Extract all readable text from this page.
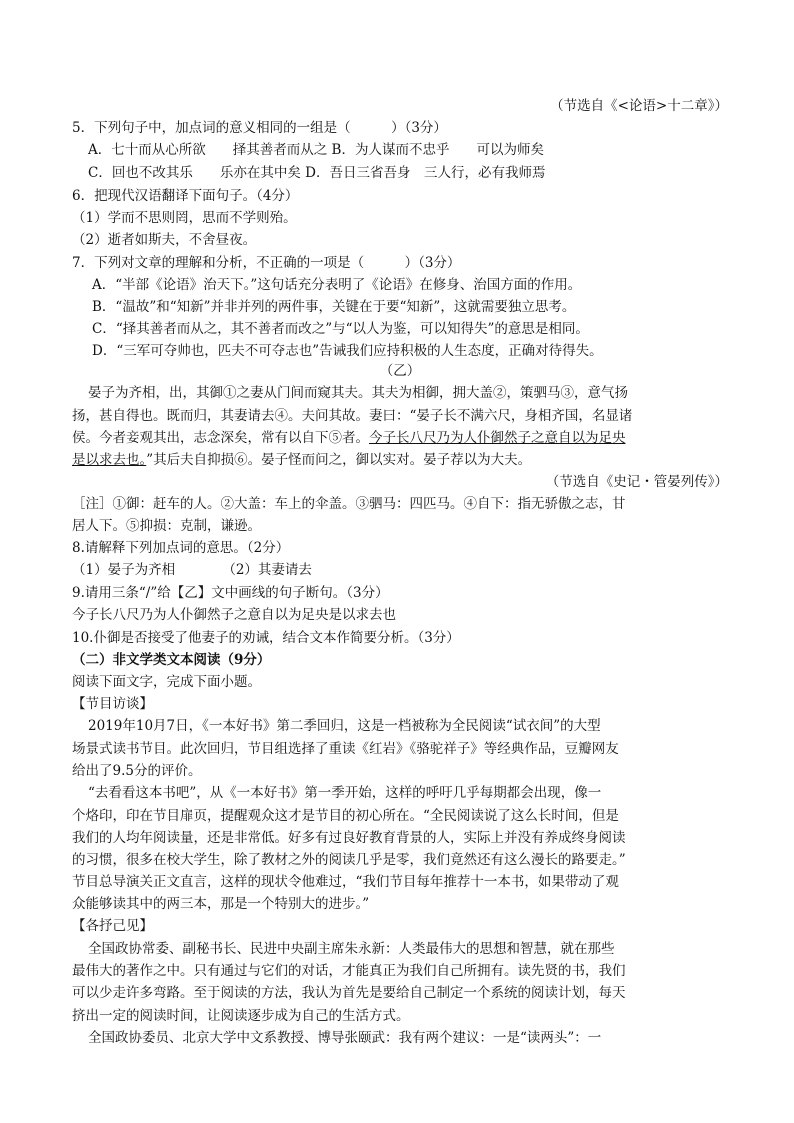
（节选自《<论语>十二章》）
5．下列句子中，加点词的意义相同的一组是（　　　）（3分）
A．七十而从心所欲　　择其善者而从之 B．为人谋而不忠乎　　可以为师矣
C．回也不改其乐　　乐亦在其中矣 D．吾日三省吾身　三人行，必有我师焉
6．把现代汉语翻译下面句子。（4分）
（1）学而不思则罔，思而不学则殆。
（2）逝者如斯夫，不舍昼夜。
7．下列对文章的理解和分析，不正确的一项是（　　　）（3分）
A．“半部《论语》治天下。”这句话充分表明了《论语》在修身、治国方面的作用。
B．“温故”和“知新”并非并列的两件事，关键在于要“知新”，这就需要独立思考。
C．“择其善者而从之，其不善者而改之”与“以人为鉴，可以知得失”的意思是相同。
D．“三军可夺帅也，匹夫不可夺志也”告诫我们应持积极的人生态度，正确对待得失。
（乙）
晏子为齐相，出，其御①之妻从门间而窥其夫。其夫为相御，拥大盖②，策驷马③，意气扬
扬，甚自得也。既而归，其妻请去④。夫问其故。妻曰：“晏子长不满六尺，身相齐国，名显诸
侯。今者妾观其出，志念深矣，常有以自下⑤者。今子长八尺乃为人仆御然子之意自以为足央
是以求去也。”其后夫自抑损⑥。晏子怪而问之，御以实对。晏子荐以为大夫。
（节选自《史记・管晏列传》）
［注］①御：赶车的人。②大盖：车上的伞盖。③驷马：四匹马。④自下：指无骄傲之志，甘
居人下。⑤抑损：克制，谦逊。
8.请解释下列加点词的意思。（2分）
（1）晏子为齐相　　　　（2）其妻请去
9.请用三条“/”给【乙】文中画线的句子断句。（3分）
今子长八尺乃为人仆御然子之意自以为足央是以求去也
10.仆御是否接受了他妻子的劝诫，结合文本作简要分析。（3分）
（二）非文学类文本阅读（9分）
阅读下面文字，完成下面小题。
【节目访谈】
2019年10月7日，《一本好书》第二季回归，这是一档被称为全民阅读“试衣间”的大型
场景式读书节目。此次回归，节目组选择了重读《红岩》《骆驼祥子》等经典作品，豆瓣网友
给出了9.5分的评价。
“去看看这本书吧”，从《一本好书》第一季开始，这样的呼吁几乎每期都会出现，像一
个烙印，印在节目扉页，提醒观众这才是节目的初心所在。“全民阅读说了这么长时间，但是
我们的人均年阅读量，还是非常低。好多有过良好教育背景的人，实际上并没有养成终身阅读
的习惯，很多在校大学生，除了教材之外的阅读几乎是零，我们竟然还有这么漫长的路要走。”
节目总导演关正文直言，这样的现状令他难过，“我们节目每年推荐十一本书，如果带动了观
众能够读其中的两三本，那是一个特别大的进步。”
【各抒己见】
全国政协常委、副秘书长、民进中央副主席朱永新：人类最伟大的思想和智慧，就在那些
最伟大的著作之中。只有通过与它们的对话，才能真正为我们自己所拥有。读先贤的书，我们
可以少走许多弯路。至于阅读的方法，我认为首先是要给自己制定一个系统的阅读计划，每天
挤出一定的阅读时间，让阅读逐步成为自己的生活方式。
全国政协委员、北京大学中文系教授、博导张颐武：我有两个建议：一是“读两头”：一
